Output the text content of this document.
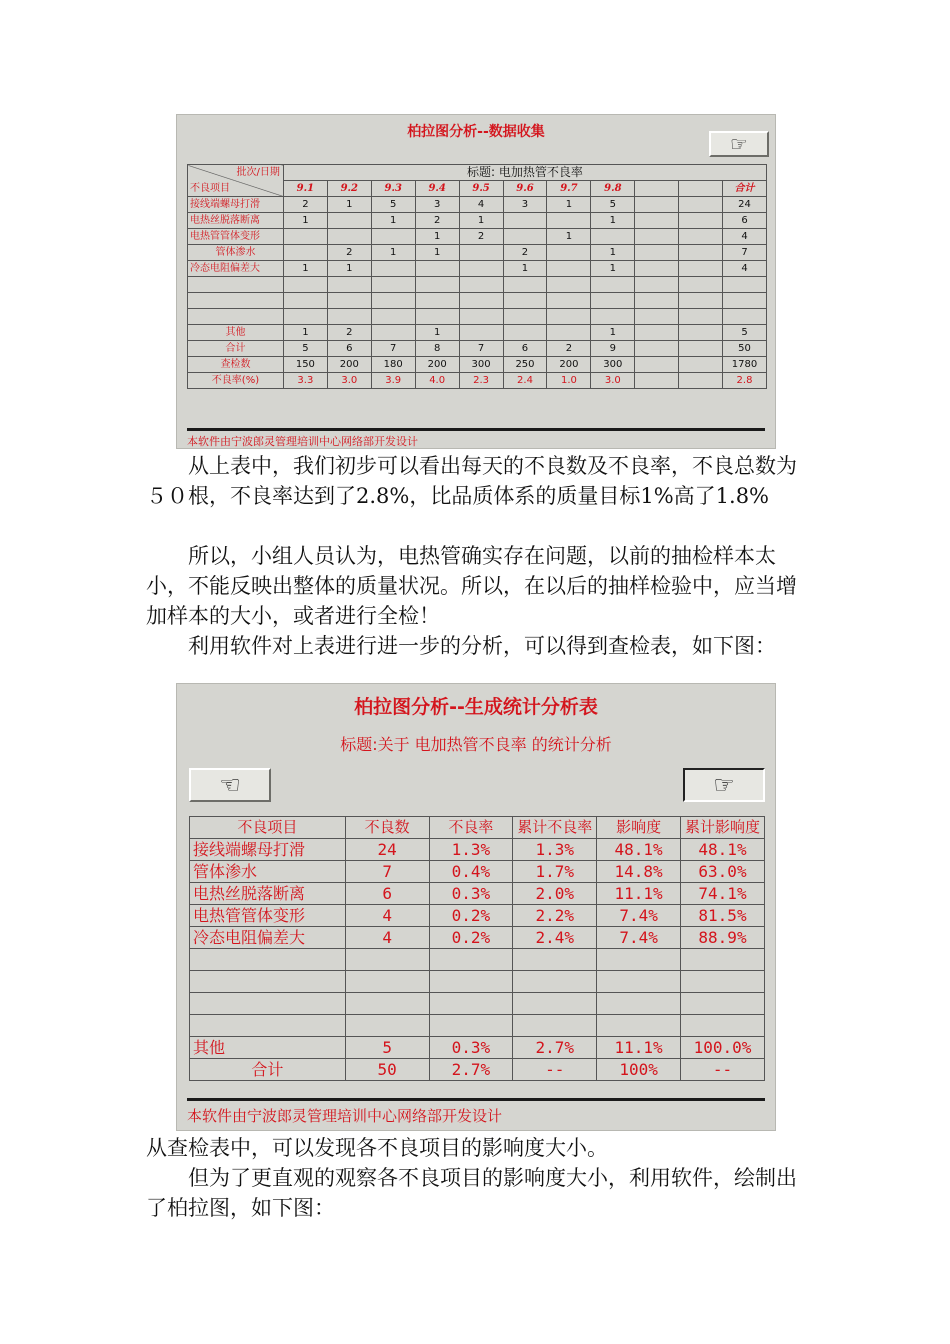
柏拉图分析--数据收集	☞
批次/日期
不良项目	标题: 电加热管不良率										
	9.1	9.2	9.3	9.4	9.5	9.6	9.7	9.8			合计
接线端螺母打滑	2	1	5	3	4	3	1	5			24
电热丝脱落断离	1		1	2	1			1			6
电热管管体变形				1	2		1				4
管体渗水		2	1	1		2		1			7
冷态电阻偏差大	1	1				1		1			4

其他	1	2		1				1			5
合计	5	6	7	8	7	6	2	9			50
查检数	150	200	180	200	300	250	200	300			1780
不良率(%)	3.3	3.0	3.9	4.0	2.3	2.4	1.0	3.0			2.8
本软件由宁波郎灵管理培训中心网络部开发设计

从上表中，我们初步可以看出每天的不良数及不良率，不良总数为５０根，不良率达到了2.8%，比品质体系的质量目标1%高了1.8%

所以，小组人员认为，电热管确实存在问题，以前的抽检样本太小，不能反映出整体的质量状况。所以，在以后的抽样检验中，应当增加样本的大小，或者进行全检！

利用软件对上表进行进一步的分析，可以得到查检表，如下图：

柏拉图分析--生成统计分析表
标题:关于 电加热管不良率 的统计分析
☜	☞
不良项目	不良数	不良率	累计不良率	影响度	累计影响度
接线端螺母打滑	24	1.3%	1.3%	48.1%	48.1%
管体渗水	7	0.4%	1.7%	14.8%	63.0%
电热丝脱落断离	6	0.3%	2.0%	11.1%	74.1%
电热管管体变形	4	0.2%	2.2%	7.4%	81.5%
冷态电阻偏差大	4	0.2%	2.4%	7.4%	88.9%

其他	5	0.3%	2.7%	11.1%	100.0%
合计	50	2.7%	--	100%	--
本软件由宁波郎灵管理培训中心网络部开发设计

从查检表中，可以发现各不良项目的影响度大小。

但为了更直观的观察各不良项目的影响度大小，利用软件，绘制出了柏拉图，如下图：
